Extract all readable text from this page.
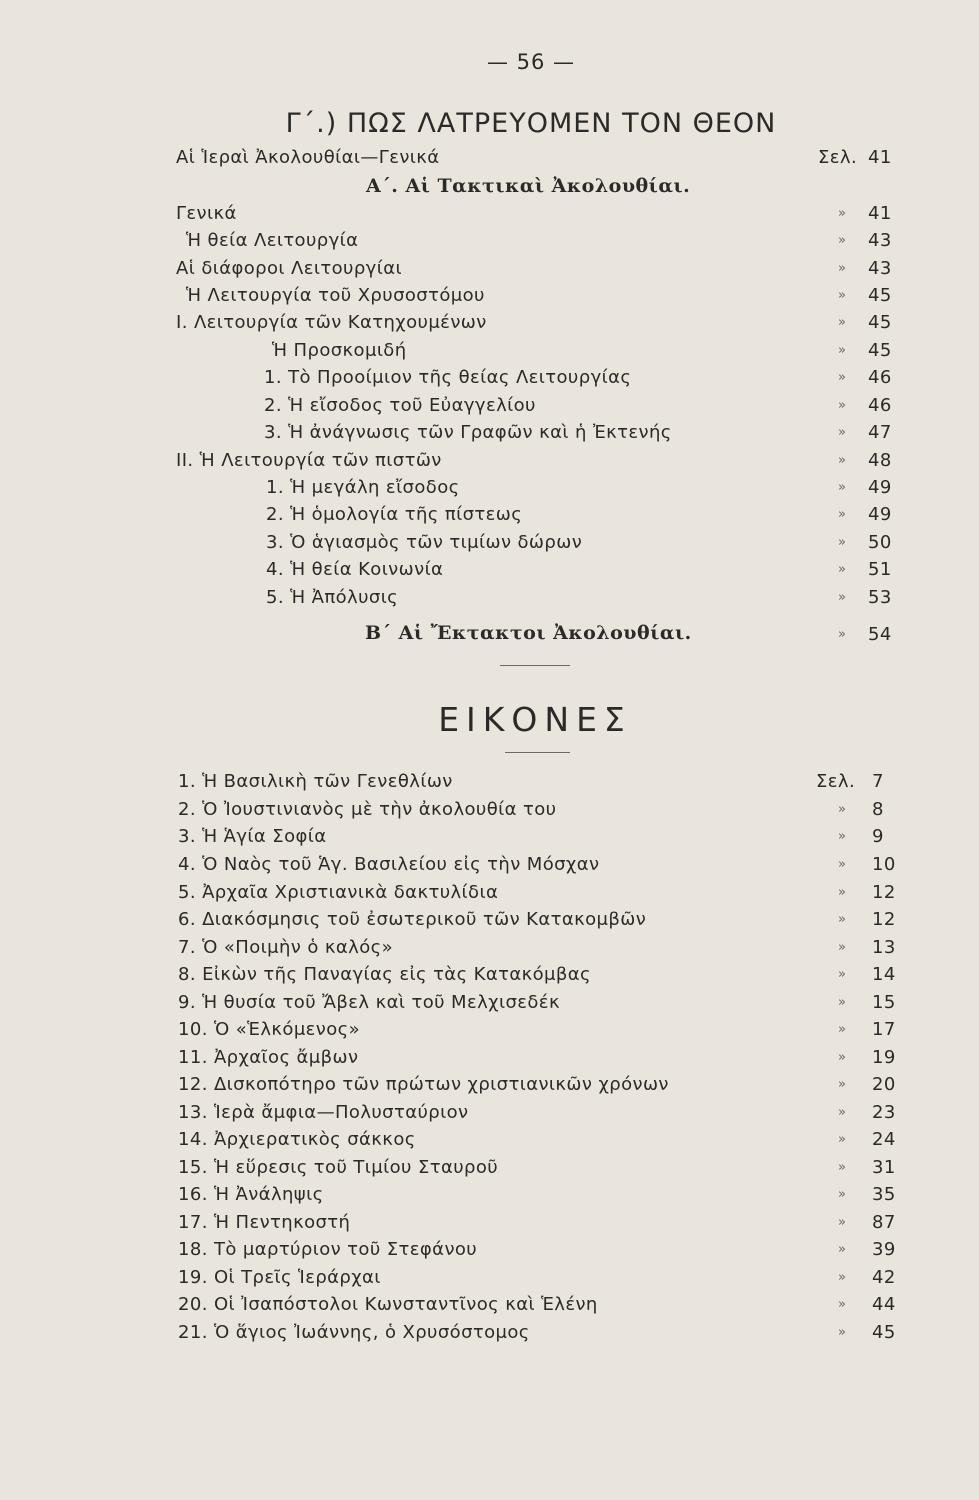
— 56 —
Γ΄.) ΠΩΣ ΛΑΤΡΕΥΟΜΕΝ ΤΟΝ ΘΕΟΝ
Α΄. Αἱ Τακτικαὶ Ἀκολουθίαι.
Αἱ Ἱεραὶ Ἀκολουθίαι—Γενικά	Σελ. 41
Γενικά	» 41
Ἡ θεία Λειτουργία	» 43
Αἱ διάφοροι Λειτουργίαι	» 43
Ἡ Λειτουργία τοῦ Χρυσοστόμου	» 45
Ι. Λειτουργία τῶν Κατηχουμένων	» 45
Ἡ Προσκομιδή	» 45
1. Τὸ Προοίμιον τῆς θείας Λειτουργίας	» 46
2. Ἡ εἴσοδος τοῦ Εὐαγγελίου	» 46
3. Ἡ ἀνάγνωσις τῶν Γραφῶν καὶ ἡ Ἐκτενής	» 47
ΙΙ. Ἡ Λειτουργία τῶν πιστῶν	» 48
1. Ἡ μεγάλη εἴσοδος	» 49
2. Ἡ ὁμολογία τῆς πίστεως	» 49
3. Ὁ ἁγιασμὸς τῶν τιμίων δώρων	» 50
4. Ἡ θεία Κοινωνία	» 51
5. Ἡ Ἀπόλυσις	» 53
Β΄ Αἱ Ἔκτακτοι Ἀκολουθίαι.	» 54
ΕΙΚΟΝΕΣ
1. Ἡ Βασιλικὴ τῶν Γενεθλίων	Σελ. 7
2. Ὁ Ἰουστινιανὸς μὲ τὴν ἀκολουθία του	» 8
3. Ἡ Ἁγία Σοφία	» 9
4. Ὁ Ναὸς τοῦ Ἁγ. Βασιλείου εἰς τὴν Μόσχαν	» 10
5. Ἀρχαῖα Χριστιανικὰ δακτυλίδια	» 12
6. Διακόσμησις τοῦ ἐσωτερικοῦ τῶν Κατακομβῶν	» 12
7. Ὁ «Ποιμὴν ὁ καλός»	» 13
8. Εἰκὼν τῆς Παναγίας εἰς τὰς Κατακόμβας	» 14
9. Ἡ θυσία τοῦ Ἄβελ καὶ τοῦ Μελχισεδέκ	» 15
10. Ὁ «Ἑλκόμενος»	» 17
11. Ἀρχαῖος ἄμβων	» 19
12. Δισκοπότηρο τῶν πρώτων χριστιανικῶν χρόνων	» 20
13. Ἱερὰ ἄμφια—Πολυσταύριον	» 23
14. Ἀρχιερατικὸς σάκκος	» 24
15. Ἡ εὕρεσις τοῦ Τιμίου Σταυροῦ	» 31
16. Ἡ Ἀνάληψις	» 35
17. Ἡ Πεντηκοστή	» 87
18. Τὸ μαρτύριον τοῦ Στεφάνου	» 39
19. Οἱ Τρεῖς Ἱεράρχαι	» 42
20. Οἱ Ἰσαπόστολοι Κωνσταντῖνος καὶ Ἑλένη	» 44
21. Ὁ ἅγιος Ἰωάννης, ὁ Χρυσόστομος	» 45
